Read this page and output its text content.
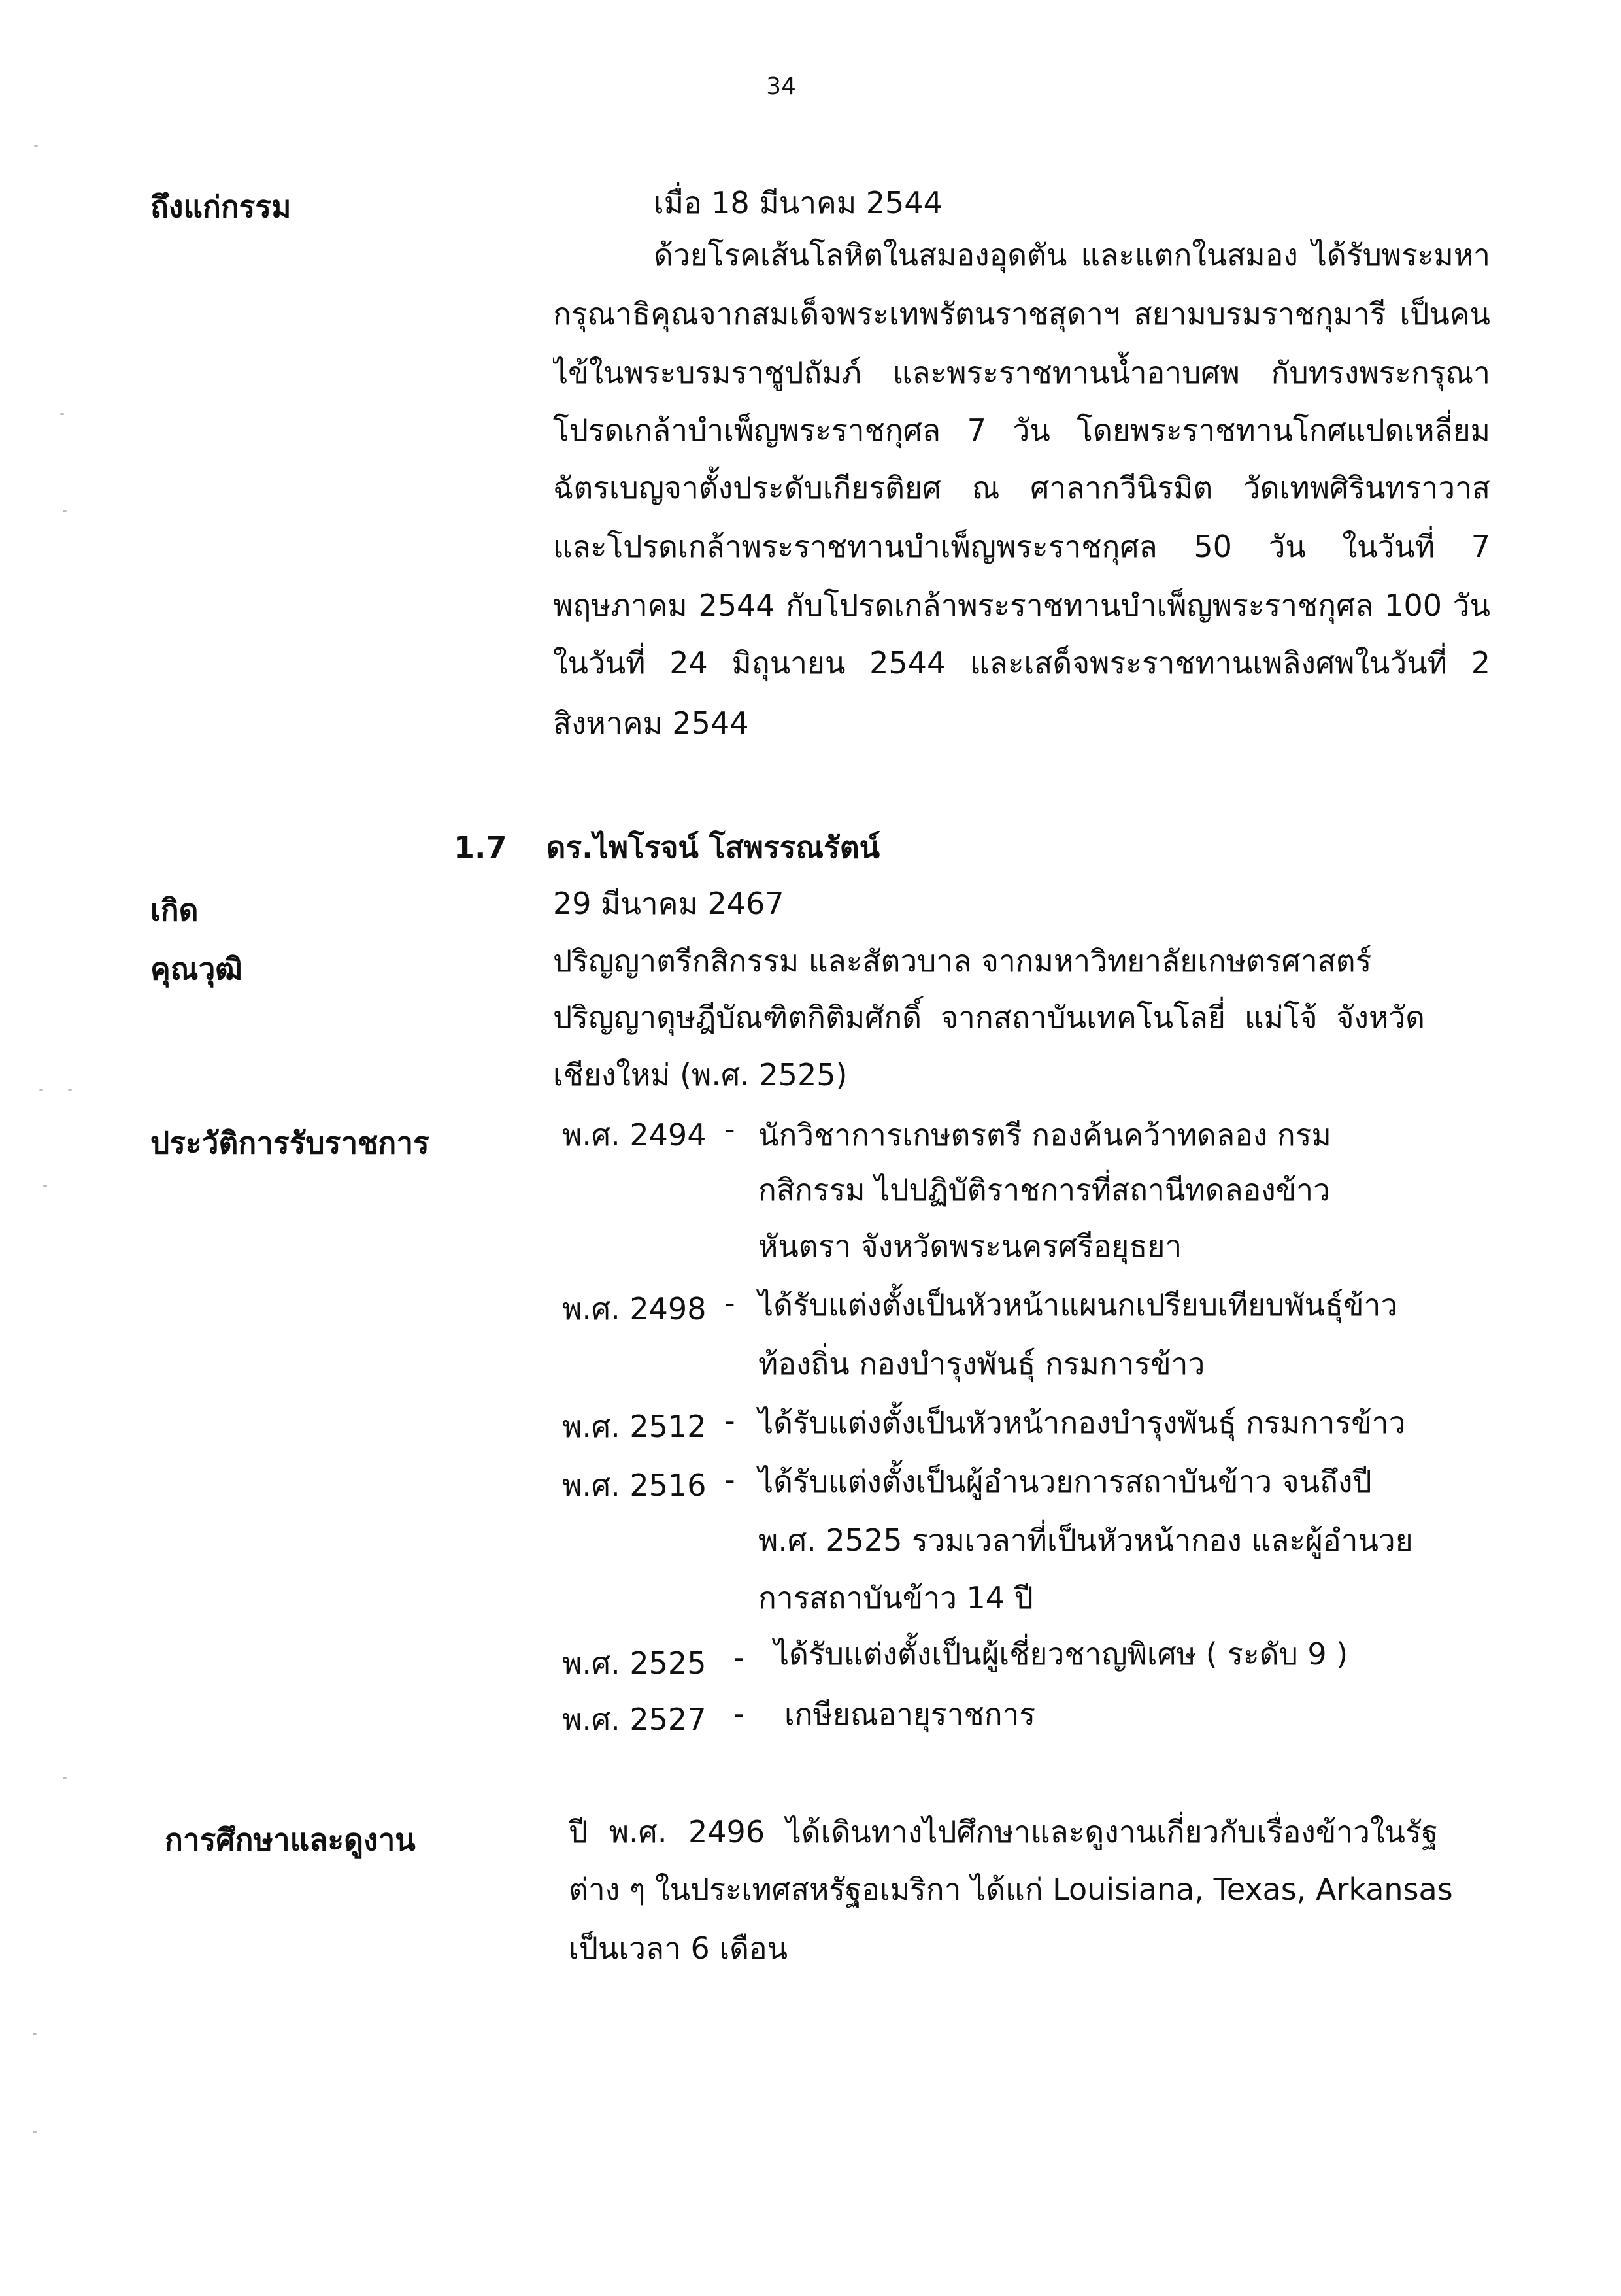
34
ถึงแก่กรรม	เมื่อ 18 มีนาคม 2544
ด้วยโรคเส้นโลหิตในสมองอุดตัน และแตกในสมอง ได้รับพระมหา
กรุณาธิคุณจากสมเด็จพระเทพรัตนราชสุดาฯ สยามบรมราชกุมารี เป็นคน
ไข้ในพระบรมราชูปถัมภ์ และพระราชทานน้ำอาบศพ กับทรงพระกรุณา
โปรดเกล้าบำเพ็ญพระราชกุศล 7 วัน โดยพระราชทานโกศแปดเหลี่ยม
ฉัตรเบญจาตั้งประดับเกียรติยศ ณ ศาลากวีนิรมิต วัดเทพศิรินทราวาส
และโปรดเกล้าพระราชทานบำเพ็ญพระราชกุศล 50 วัน ในวันที่ 7
พฤษภาคม 2544 กับโปรดเกล้าพระราชทานบำเพ็ญพระราชกุศล 100 วัน
ในวันที่ 24 มิถุนายน 2544 และเสด็จพระราชทานเพลิงศพในวันที่ 2
สิงหาคม 2544
1.7 ดร.ไพโรจน์ โสพรรณรัตน์
เกิด	29 มีนาคม 2467
คุณวุฒิ	ปริญญาตรีกสิกรรม และสัตวบาล จากมหาวิทยาลัยเกษตรศาสตร์
ปริญญาดุษฎีบัณฑิตกิติมศักดิ์ จากสถาบันเทคโนโลยี่ แม่โจ้ จังหวัด
เชียงใหม่ (พ.ศ. 2525)
ประวัติการรับราชการ	พ.ศ. 2494 - นักวิชาการเกษตรตรี กองค้นคว้าทดลอง กรม
กสิกรรม ไปปฏิบัติราชการที่สถานีทดลองข้าว
หันตรา จังหวัดพระนครศรีอยุธยา
พ.ศ. 2498 - ได้รับแต่งตั้งเป็นหัวหน้าแผนกเปรียบเทียบพันธุ์ข้าว
ท้องถิ่น กองบำรุงพันธุ์ กรมการข้าว
พ.ศ. 2512 - ได้รับแต่งตั้งเป็นหัวหน้ากองบำรุงพันธุ์ กรมการข้าว
พ.ศ. 2516 - ได้รับแต่งตั้งเป็นผู้อำนวยการสถาบันข้าว จนถึงปี
พ.ศ. 2525 รวมเวลาที่เป็นหัวหน้ากอง และผู้อำนวย
การสถาบันข้าว 14 ปี
พ.ศ. 2525 - ได้รับแต่งตั้งเป็นผู้เชี่ยวชาญพิเศษ ( ระดับ 9 )
พ.ศ. 2527 - เกษียณอายุราชการ
การศึกษาและดูงาน	ปี พ.ศ. 2496 ได้เดินทางไปศึกษาและดูงานเกี่ยวกับเรื่องข้าวในรัฐ
ต่าง ๆ ในประเทศสหรัฐอเมริกา ได้แก่ Louisiana, Texas, Arkansas
เป็นเวลา 6 เดือน
